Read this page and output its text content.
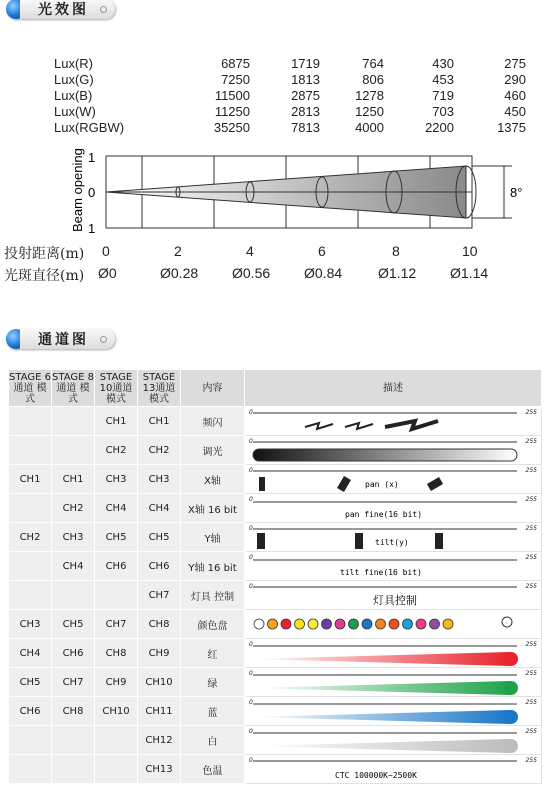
光效图
Lux(R)	6875	1719	764	430	275
Lux(G)	7250	1813	806	453	290
Lux(B)	11500	2875	1278	719	460
Lux(W)	11250	2813	1250	703	450
Lux(RGBW)	35250	7813	4000	2200	1375
Beam opening 1
0
1
8°
投射距离(m)	0	2	4	6	8	10
光斑直径(m) Ø0	Ø0.28 Ø0.56 Ø0.84	Ø1.12 Ø1.14
通道图
STAGE 6通道 模式	STAGE 8通道 模式	STAGE 10通道 模式	STAGE 13通道 模式	内容	描述
		CH1	CH1	频闪	0 255

		CH2	CH2	调光	0 255

CH1	CH1	CH3	CH3	X轴	pan (x)
0 255

	CH2	CH4	CH4	X轴 16 bit	pan fine(16 bit)
0 255

CH2	CH3	CH5	CH5	Y轴	tilt(y)
0 255

	CH4	CH6	CH6	Y轴 16 bit	tilt fine(16 bit)
0 255

			CH7	灯具 控制	灯具控制
0 255

CH3	CH5	CH7	CH8	颜色盘	

CH4	CH6	CH8	CH9	红	0 255

CH5	CH7	CH9	CH10	绿	0 255

CH6	CH8	CH10	CH11	蓝	0 255

			CH12	白	0 255

			CH13	色温	CTC 100000K~2500K
0 255
